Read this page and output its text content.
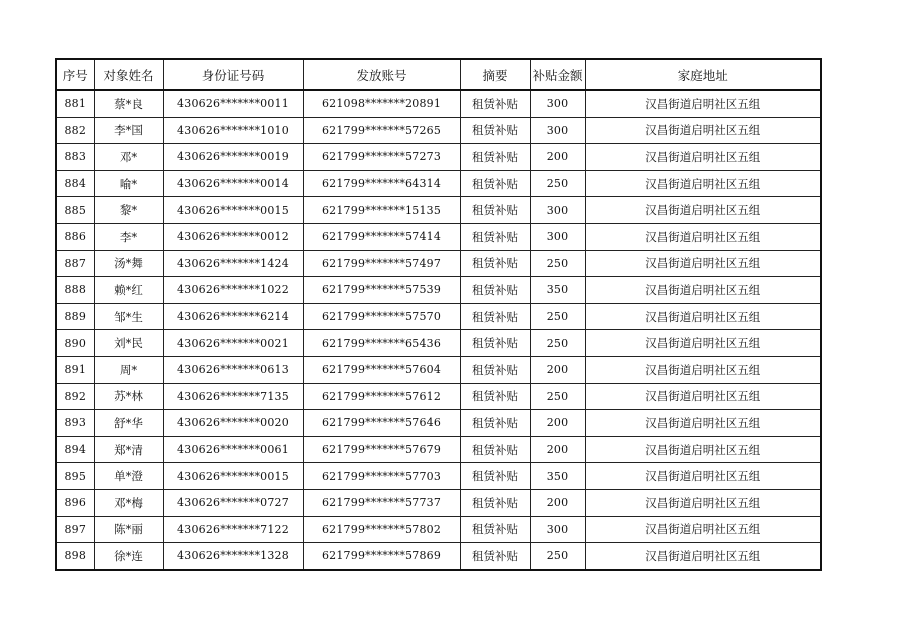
序号	对象姓名	身份证号码	发放账号	摘要	补贴金额	家庭地址
881	蔡*良	430626*******0011	621098*******20891	租赁补贴	300	汉昌街道启明社区五组
882	李*国	430626*******1010	621799*******57265	租赁补贴	300	汉昌街道启明社区五组
883	邓*	430626*******0019	621799*******57273	租赁补贴	200	汉昌街道启明社区五组
884	喻*	430626*******0014	621799*******64314	租赁补贴	250	汉昌街道启明社区五组
885	黎*	430626*******0015	621799*******15135	租赁补贴	300	汉昌街道启明社区五组
886	李*	430626*******0012	621799*******57414	租赁补贴	300	汉昌街道启明社区五组
887	汤*舞	430626*******1424	621799*******57497	租赁补贴	250	汉昌街道启明社区五组
888	赖*红	430626*******1022	621799*******57539	租赁补贴	350	汉昌街道启明社区五组
889	邹*生	430626*******6214	621799*******57570	租赁补贴	250	汉昌街道启明社区五组
890	刘*民	430626*******0021	621799*******65436	租赁补贴	250	汉昌街道启明社区五组
891	周*	430626*******0613	621799*******57604	租赁补贴	200	汉昌街道启明社区五组
892	苏*林	430626*******7135	621799*******57612	租赁补贴	250	汉昌街道启明社区五组
893	舒*华	430626*******0020	621799*******57646	租赁补贴	200	汉昌街道启明社区五组
894	郑*清	430626*******0061	621799*******57679	租赁补贴	200	汉昌街道启明社区五组
895	单*澄	430626*******0015	621799*******57703	租赁补贴	350	汉昌街道启明社区五组
896	邓*梅	430626*******0727	621799*******57737	租赁补贴	200	汉昌街道启明社区五组
897	陈*丽	430626*******7122	621799*******57802	租赁补贴	300	汉昌街道启明社区五组
898	徐*连	430626*******1328	621799*******57869	租赁补贴	250	汉昌街道启明社区五组
